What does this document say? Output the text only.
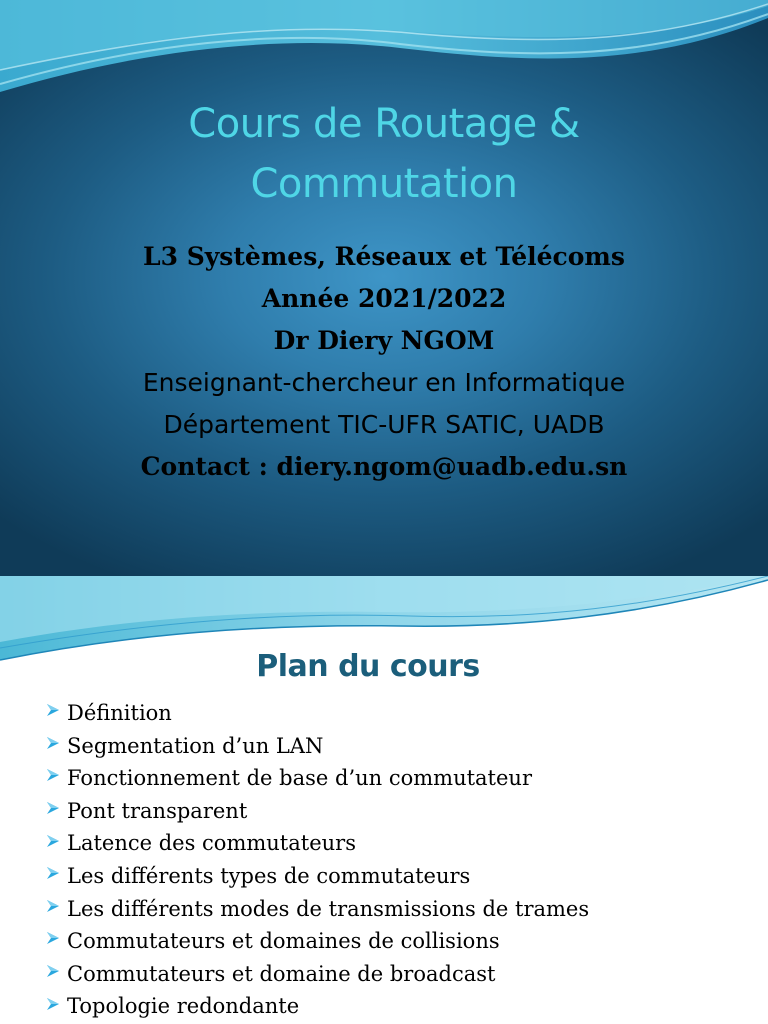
Cours de Routage &
Commutation
L3 Systèmes, Réseaux et Télécoms
Année 2021/2022
Dr Diery NGOM
Enseignant-chercheur en Informatique
Département TIC-UFR SATIC, UADB
Contact : diery.ngom@uadb.edu.sn
Plan du cours
Définition
Segmentation d’un LAN
Fonctionnement de base d’un commutateur
Pont transparent
Latence des commutateurs
Les différents types de commutateurs
Les différents modes de transmissions de trames
Commutateurs et domaines de collisions
Commutateurs et domaine de broadcast
Topologie redondante
